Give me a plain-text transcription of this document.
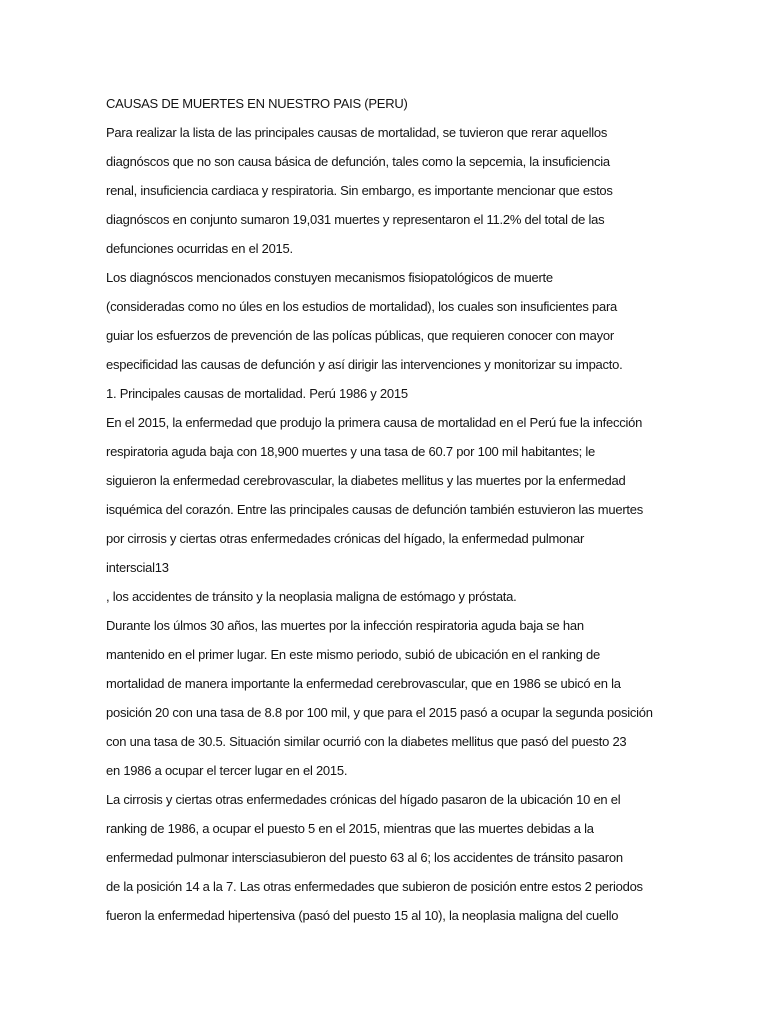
CAUSAS DE MUERTES EN NUESTRO PAIS (PERU)
Para realizar la lista de las principales causas de mortalidad, se tuvieron que rerar aquellos
diagnóscos que no son causa básica de defunción, tales como la sepcemia, la insuficiencia
renal, insuficiencia cardiaca y respiratoria. Sin embargo, es importante mencionar que estos
diagnóscos en conjunto sumaron 19,031 muertes y representaron el 11.2% del total de las
defunciones ocurridas en el 2015.
Los diagnóscos mencionados constuyen mecanismos fisiopatológicos de muerte
(consideradas como no úles en los estudios de mortalidad), los cuales son insuficientes para
guiar los esfuerzos de prevención de las polícas públicas, que requieren conocer con mayor
especificidad las causas de defunción y así dirigir las intervenciones y monitorizar su impacto.
1. Principales causas de mortalidad. Perú 1986 y 2015
En el 2015, la enfermedad que produjo la primera causa de mortalidad en el Perú fue la infección
respiratoria aguda baja con 18,900 muertes y una tasa de 60.7 por 100 mil habitantes; le
siguieron la enfermedad cerebrovascular, la diabetes mellitus y las muertes por la enfermedad
isquémica del corazón. Entre las principales causas de defunción también estuvieron las muertes
por cirrosis y ciertas otras enfermedades crónicas del hígado, la enfermedad pulmonar
interscial13
, los accidentes de tránsito y la neoplasia maligna de estómago y próstata.
Durante los úlmos 30 años, las muertes por la infección respiratoria aguda baja se han
mantenido en el primer lugar. En este mismo periodo, subió de ubicación en el ranking de
mortalidad de manera importante la enfermedad cerebrovascular, que en 1986 se ubicó en la
posición 20 con una tasa de 8.8 por 100 mil, y que para el 2015 pasó a ocupar la segunda posición
con una tasa de 30.5. Situación similar ocurrió con la diabetes mellitus que pasó del puesto 23
en 1986 a ocupar el tercer lugar en el 2015.
La cirrosis y ciertas otras enfermedades crónicas del hígado pasaron de la ubicación 10 en el
ranking de 1986, a ocupar el puesto 5 en el 2015, mientras que las muertes debidas a la
enfermedad pulmonar intersciasubieron del puesto 63 al 6; los accidentes de tránsito pasaron
de la posición 14 a la 7. Las otras enfermedades que subieron de posición entre estos 2 periodos
fueron la enfermedad hipertensiva (pasó del puesto 15 al 10), la neoplasia maligna del cuello
